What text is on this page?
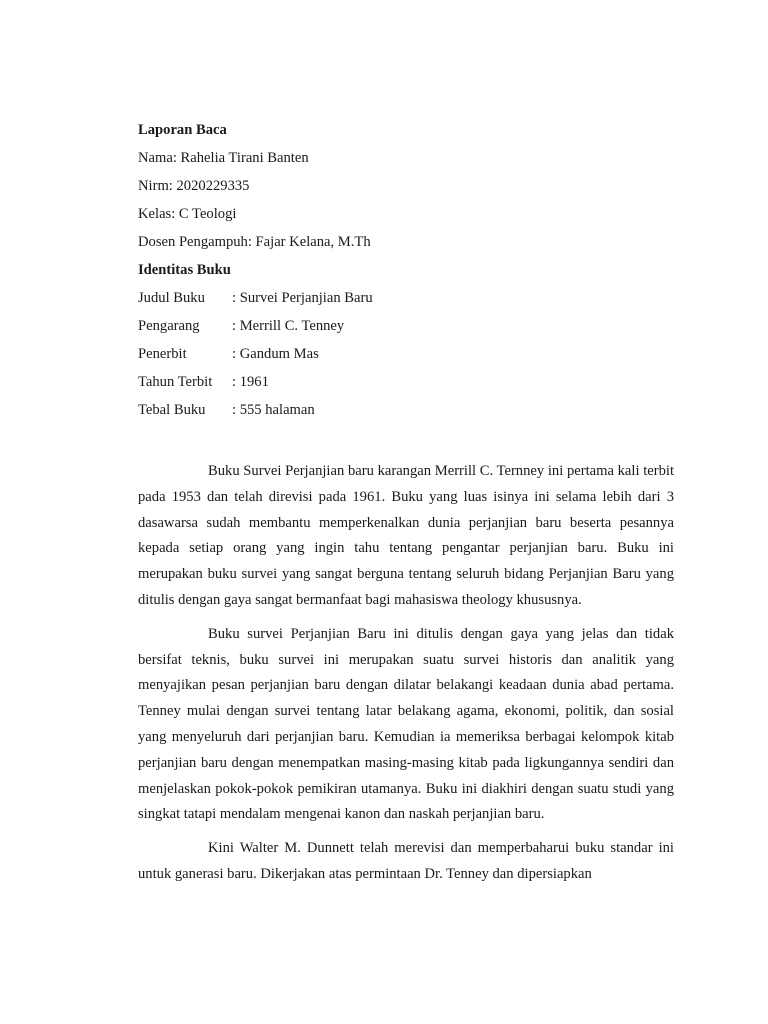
Laporan Baca
Nama: Rahelia Tirani Banten
Nirm: 2020229335
Kelas: C Teologi
Dosen Pengampuh: Fajar Kelana, M.Th
Identitas Buku
Judul Buku	: Survei Perjanjian Baru
Pengarang	: Merrill C. Tenney
Penerbit	: Gandum Mas
Tahun Terbit	: 1961
Tebal Buku	: 555 halaman

Buku Survei Perjanjian baru karangan Merrill C. Ternney ini pertama kali terbit pada 1953 dan telah direvisi pada 1961. Buku yang luas isinya ini selama lebih dari 3 dasawarsa sudah membantu memperkenalkan dunia perjanjian baru beserta pesannya kepada setiap orang yang ingin tahu tentang pengantar perjanjian baru. Buku ini merupakan buku survei yang sangat berguna tentang seluruh bidang Perjanjian Baru yang ditulis dengan gaya sangat bermanfaat bagi mahasiswa theology khususnya.

Buku survei Perjanjian Baru ini ditulis dengan gaya yang jelas dan tidak bersifat teknis, buku survei ini merupakan suatu survei historis dan analitik yang menyajikan pesan perjanjian baru dengan dilatar belakangi keadaan dunia abad pertama. Tenney mulai dengan survei tentang latar belakang agama, ekonomi, politik, dan sosial yang menyeluruh dari perjanjian baru. Kemudian ia memeriksa berbagai kelompok kitab perjanjian baru dengan menempatkan masing-masing kitab pada ligkungannya sendiri dan menjelaskan pokok-pokok pemikiran utamanya. Buku ini diakhiri dengan suatu studi yang singkat tatapi mendalam mengenai kanon dan naskah perjanjian baru.

Kini Walter M. Dunnett telah merevisi dan memperbaharui buku standar ini untuk ganerasi baru. Dikerjakan atas permintaan Dr. Tenney dan dipersiapkan
